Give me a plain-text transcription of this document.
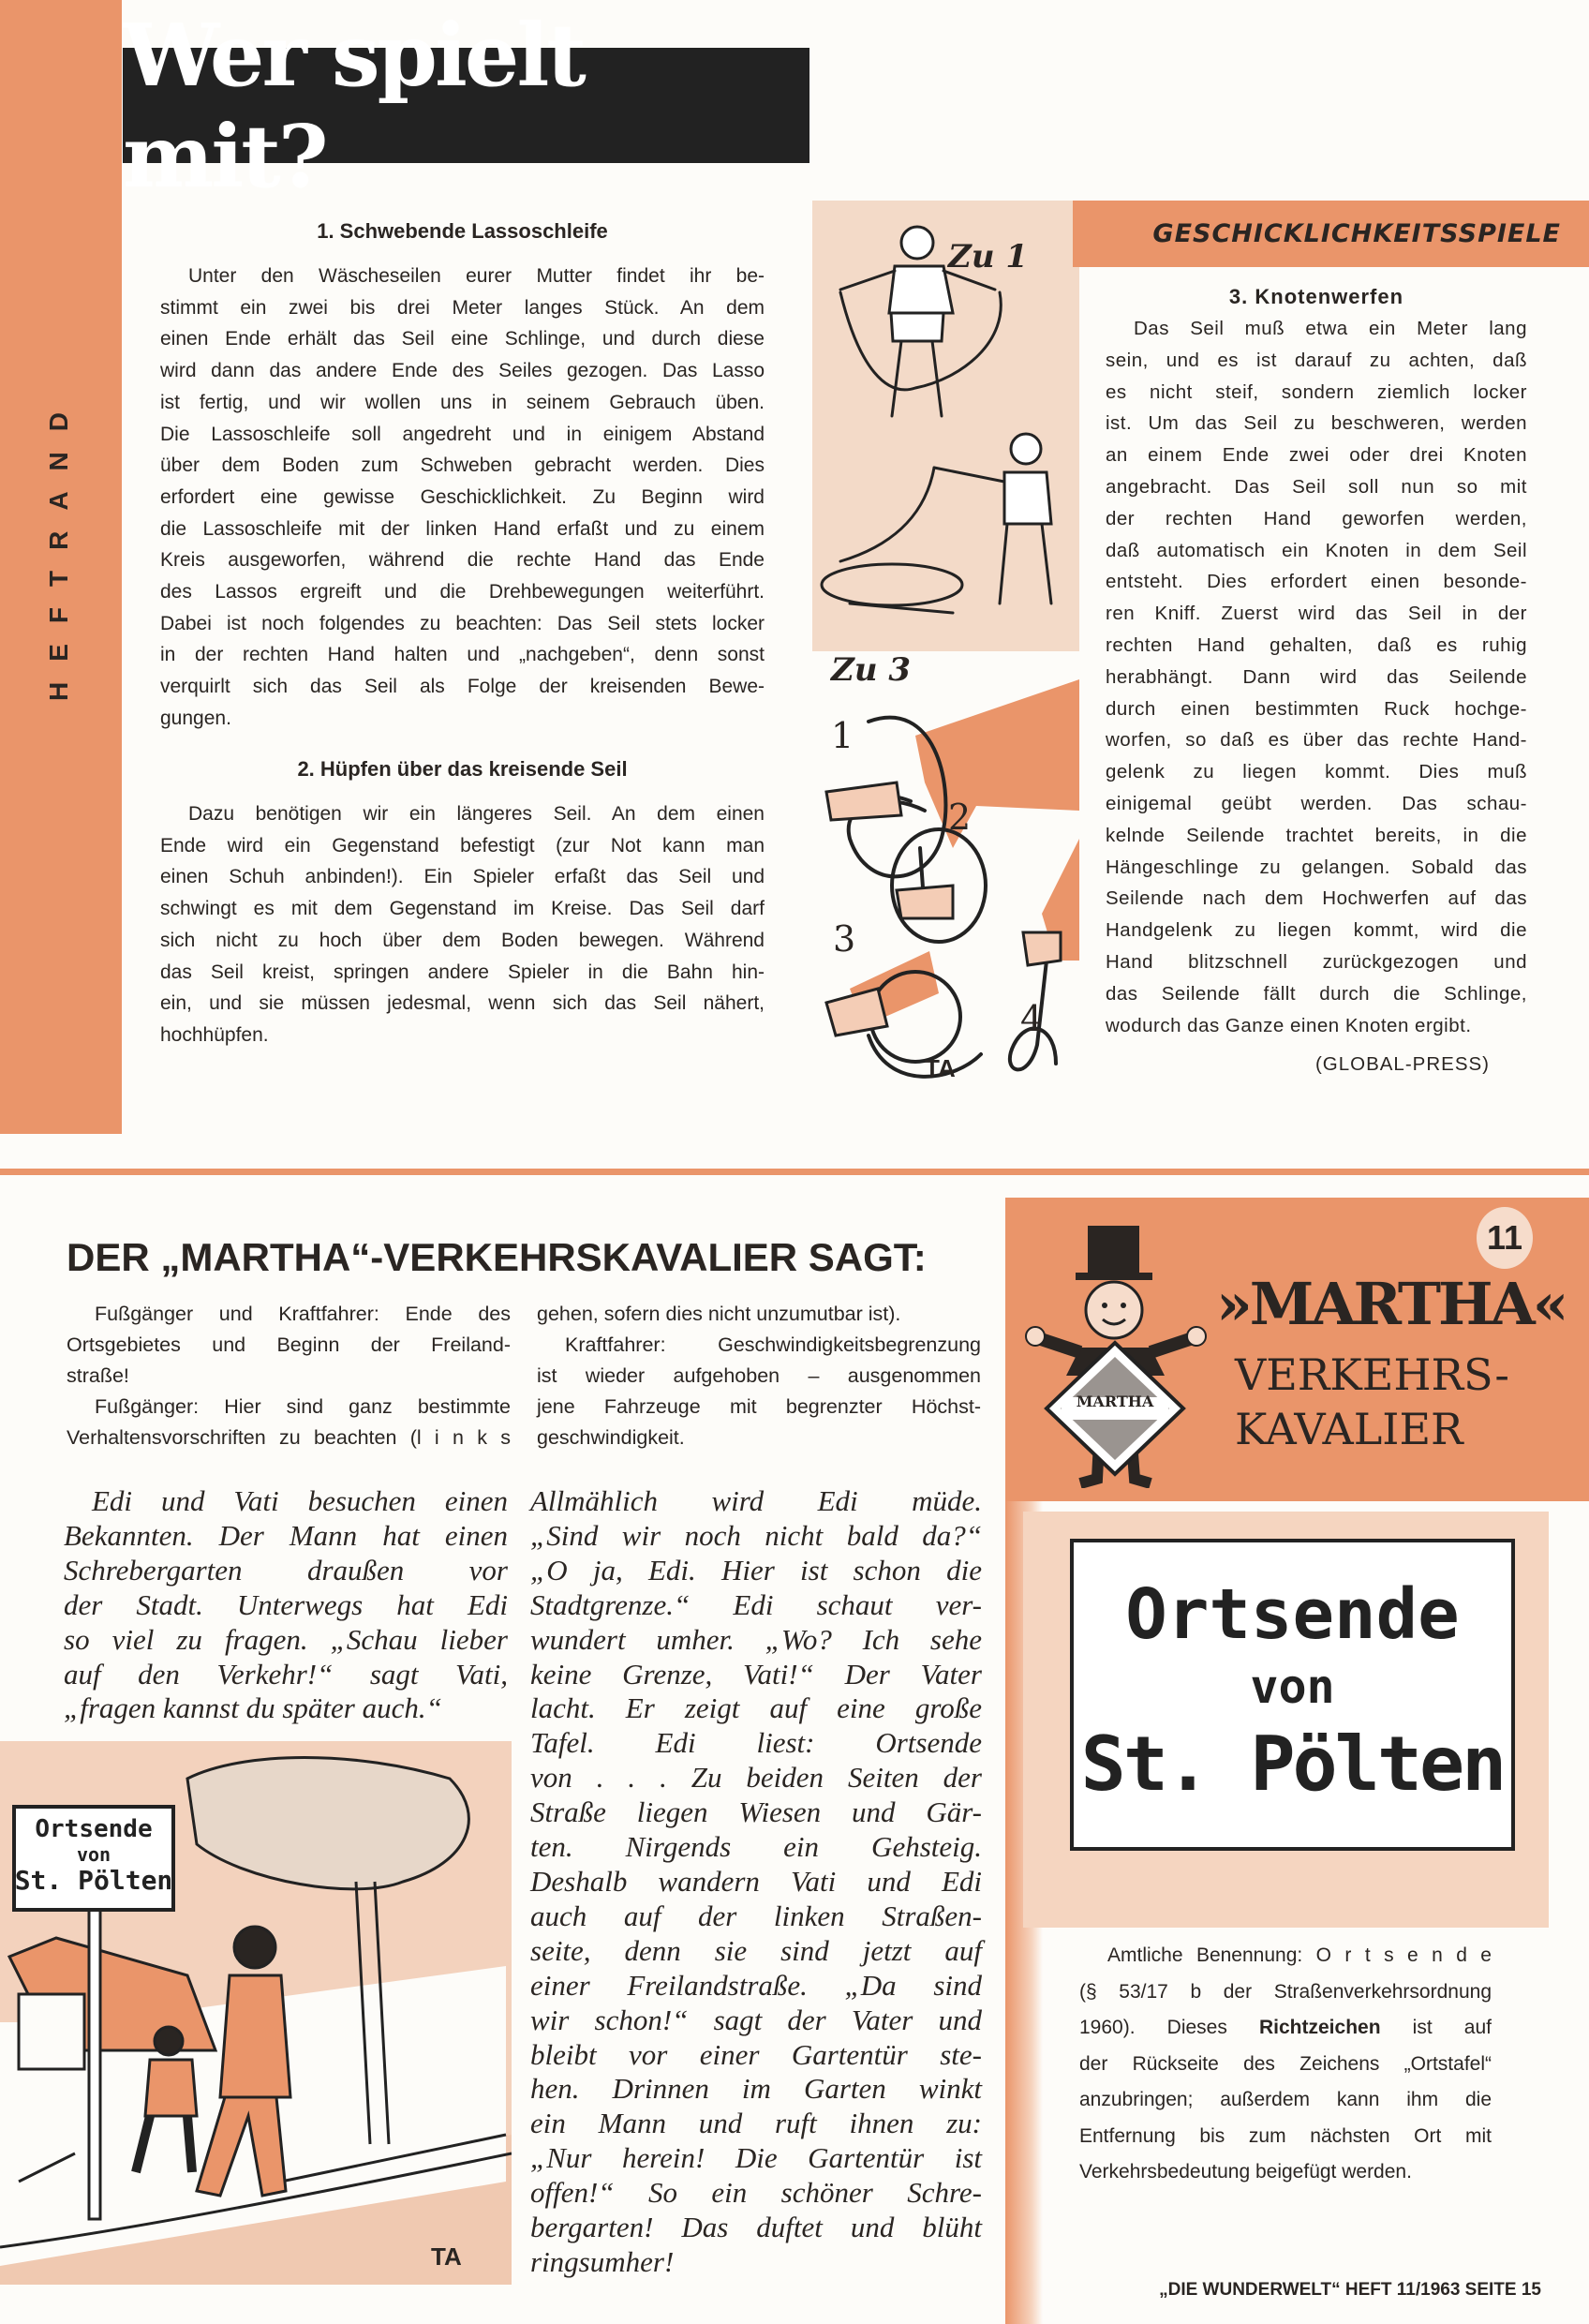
HEFTRAND
Wer spielt mit?
1. Schwebende Lassoschleife
Unter den Wäscheseilen eurer Mutter findet ihr be-
stimmt ein zwei bis drei Meter langes Stück. An dem
einen Ende erhält das Seil eine Schlinge, und durch diese
wird dann das andere Ende des Seiles gezogen. Das Lasso
ist fertig, und wir wollen uns in seinem Gebrauch üben.
Die Lassoschleife soll angedreht und in einigem Abstand
über dem Boden zum Schweben gebracht werden. Dies
erfordert eine gewisse Geschicklichkeit. Zu Beginn wird
die Lassoschleife mit der linken Hand erfaßt und zu einem
Kreis ausgeworfen, während die rechte Hand das Ende
des Lassos ergreift und die Drehbewegungen weiterführt.
Dabei ist noch folgendes zu beachten: Das Seil stets locker
in der rechten Hand halten und „nachgeben“, denn sonst
verquirlt sich das Seil als Folge der kreisenden Bewe-
gungen.
2. Hüpfen über das kreisende Seil
Dazu benötigen wir ein längeres Seil. An dem einen
Ende wird ein Gegenstand befestigt (zur Not kann man
einen Schuh anbinden!). Ein Spieler erfaßt das Seil und
schwingt es mit dem Gegenstand im Kreise. Das Seil darf
sich nicht zu hoch über dem Boden bewegen. Während
das Seil kreist, springen andere Spieler in die Bahn hin-
ein, und sie müssen jedesmal, wenn sich das Seil nähert,
hochhüpfen.
Zu 1
Zu 3
1
2
3
4
TA
GESCHICKLICHKEITSSPIELE
3. Knotenwerfen
Das Seil muß etwa ein Meter lang
sein, und es ist darauf zu achten, daß
es nicht steif, sondern ziemlich locker
ist. Um das Seil zu beschweren, werden
an einem Ende zwei oder drei Knoten
angebracht. Das Seil soll nun so mit
der rechten Hand geworfen werden,
daß automatisch ein Knoten in dem Seil
entsteht. Dies erfordert einen besonde-
ren Kniff. Zuerst wird das Seil in der
rechten Hand gehalten, daß es ruhig
herabhängt. Dann wird das Seilende
durch einen bestimmten Ruck hochge-
worfen, so daß es über das rechte Hand-
gelenk zu liegen kommt. Dies muß
einigemal geübt werden. Das schau-
kelnde Seilende trachtet bereits, in die
Hängeschlinge zu gelangen. Sobald das
Seilende nach dem Hochwerfen auf das
Handgelenk zu liegen kommt, wird die
Hand blitzschnell zurückgezogen und
das Seilende fällt durch die Schlinge,
wodurch das Ganze einen Knoten ergibt.
(GLOBAL-PRESS)
DER „MARTHA“-VERKEHRSKAVALIER SAGT:
Fußgänger und Kraftfahrer: Ende des
Ortsgebietes und Beginn der Freiland-
straße!
Fußgänger: Hier sind ganz bestimmte
Verhaltensvorschriften zu beachten (l i n k s
gehen, sofern dies nicht unzumutbar ist).
Kraftfahrer: Geschwindigkeitsbegrenzung
ist wieder aufgehoben – ausgenommen
jene Fahrzeuge mit begrenzter Höchst-
geschwindigkeit.
Edi und Vati besuchen einen
Bekannten. Der Mann hat einen
Schrebergarten draußen vor
der Stadt. Unterwegs hat Edi
so viel zu fragen. „Schau lieber
auf den Verkehr!“ sagt Vati,
„fragen kannst du später auch.“
Allmählich wird Edi müde.
„Sind wir noch nicht bald da?“
„O ja, Edi. Hier ist schon die
Stadtgrenze.“ Edi schaut ver-
wundert umher. „Wo? Ich sehe
keine Grenze, Vati!“ Der Vater
lacht. Er zeigt auf eine große
Tafel. Edi liest: Ortsende
von . . . Zu beiden Seiten der
Straße liegen Wiesen und Gär-
ten. Nirgends ein Gehsteig.
Deshalb wandern Vati und Edi
auch auf der linken Straßen-
seite, denn sie sind jetzt auf
einer Freilandstraße. „Da sind
wir schon!“ sagt der Vater und
bleibt vor einer Gartentür ste-
hen. Drinnen im Garten winkt
ein Mann und ruft ihnen zu:
„Nur herein! Die Gartentür ist
offen!“ So ein schöner Schre-
bergarten! Das duftet und blüht
ringsumher!
Ortsende
von
St. Pölten
TA
11
MARTHA
»MARTHA«
VERKEHRS-
KAVALIER
Ortsende
von
St. Pölten
Amtliche Benennung: O r t s e n d e
(§ 53/17 b der Straßenverkehrsordnung
1960). Dieses Richtzeichen ist auf
der Rückseite des Zeichens „Ortstafel“
anzubringen; außerdem kann ihm die
Entfernung bis zum nächsten Ort mit
Verkehrsbedeutung beigefügt werden.
„DIE WUNDERWELT“ HEFT 11/1963 SEITE 15
